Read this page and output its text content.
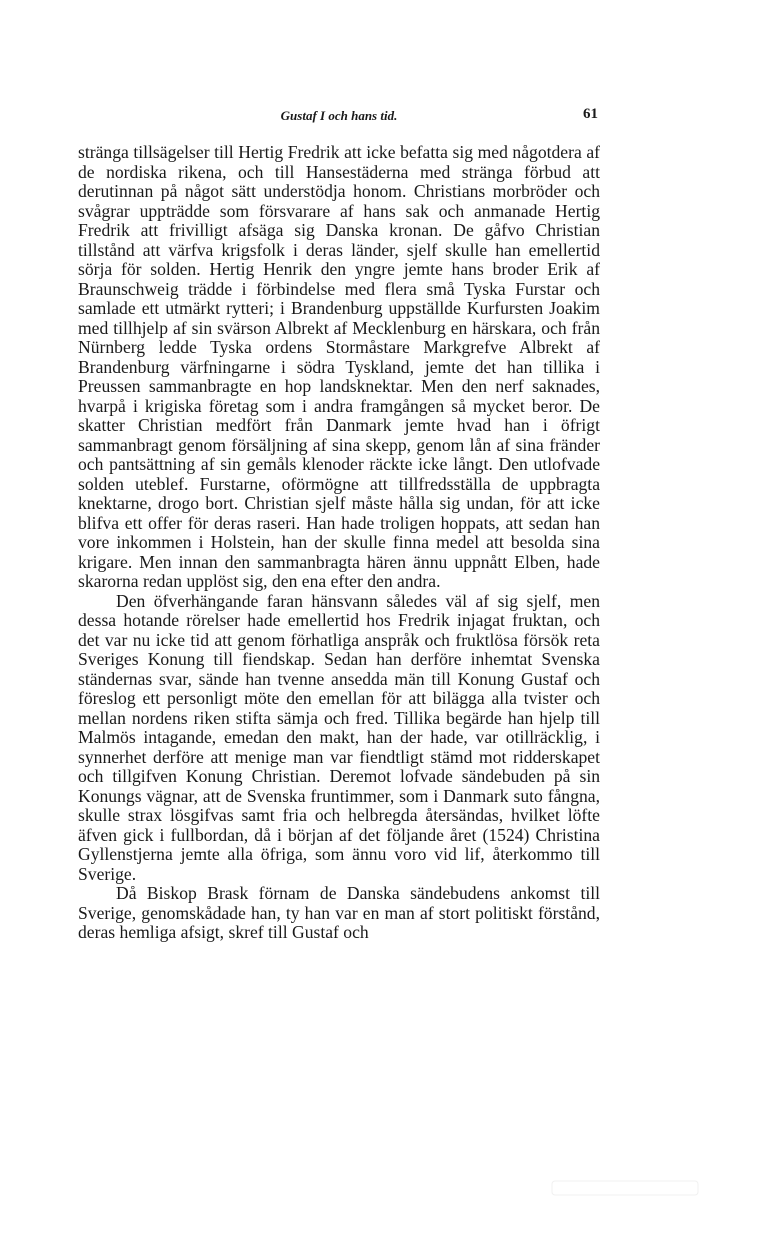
Gustaf I och hans tid.	61

stränga tillsägelser till Hertig Fredrik att icke befatta sig med någotdera af de nordiska rikena, och till Hansestäderna med stränga förbud att derutinnan på något sätt understödja honom. Christians morbröder och svågrar uppträdde som försvarare af hans sak och anmanade Hertig Fredrik att frivilligt afsäga sig Danska kronan. De gåfvo Christian tillstånd att värfva krigsfolk i deras länder, sjelf skulle han emellertid sörja för solden. Hertig Henrik den yngre jemte hans broder Erik af Braunschweig trädde i förbindelse med flera små Tyska Furstar och samlade ett utmärkt rytteri; i Brandenburg uppställde Kurfursten Joakim med tillhjelp af sin svärson Albrekt af Mecklenburg en härskara, och från Nürnberg ledde Tyska ordens Stormåstare Markgrefve Albrekt af Brandenburg värfningarne i södra Tyskland, jemte det han tillika i Preussen sammanbragte en hop landsknektar. Men den nerf saknades, hvarpå i krigiska företag som i andra framgången så mycket beror. De skatter Christian medfört från Danmark jemte hvad han i öfrigt sammanbragt genom försäljning af sina skepp, genom lån af sina fränder och pantsättning af sin gemåls klenoder räckte icke långt. Den utlofvade solden uteblef. Furstarne, oförmögne att tillfredsställa de uppbragta knektarne, drogo bort. Christian sjelf måste hålla sig undan, för att icke blifva ett offer för deras raseri. Han hade troligen hoppats, att sedan han vore inkommen i Holstein, han der skulle finna medel att besolda sina krigare. Men innan den sammanbragta hären ännu uppnått Elben, hade skarorna redan upplöst sig, den ena efter den andra.

Den öfverhängande faran hänsvann således väl af sig sjelf, men dessa hotande rörelser hade emellertid hos Fredrik injagat fruktan, och det var nu icke tid att genom förhatliga anspråk och fruktlösa försök reta Sveriges Konung till fiendskap. Sedan han derföre inhemtat Svenska ständernas svar, sände han tvenne ansedda män till Konung Gustaf och föreslog ett personligt möte den emellan för att bilägga alla tvister och mellan nordens riken stifta sämja och fred. Tillika begärde han hjelp till Malmös intagande, emedan den makt, han der hade, var otillräcklig, i synnerhet derföre att menige man var fiendtligt stämd mot ridderskapet och tillgifven Konung Christian. Deremot lofvade sändebuden på sin Konungs vägnar, att de Svenska fruntimmer, som i Danmark suto fångna, skulle strax lösgifvas samt fria och helbregda återsändas, hvilket löfte äfven gick i fullbordan, då i början af det följande året (1524) Christina Gyllenstjerna jemte alla öfriga, som ännu voro vid lif, återkommo till Sverige.

Då Biskop Brask förnam de Danska sändebudens ankomst till Sverige, genomskådade han, ty han var en man af stort politiskt förstånd, deras hemliga afsigt, skref till Gustaf och
